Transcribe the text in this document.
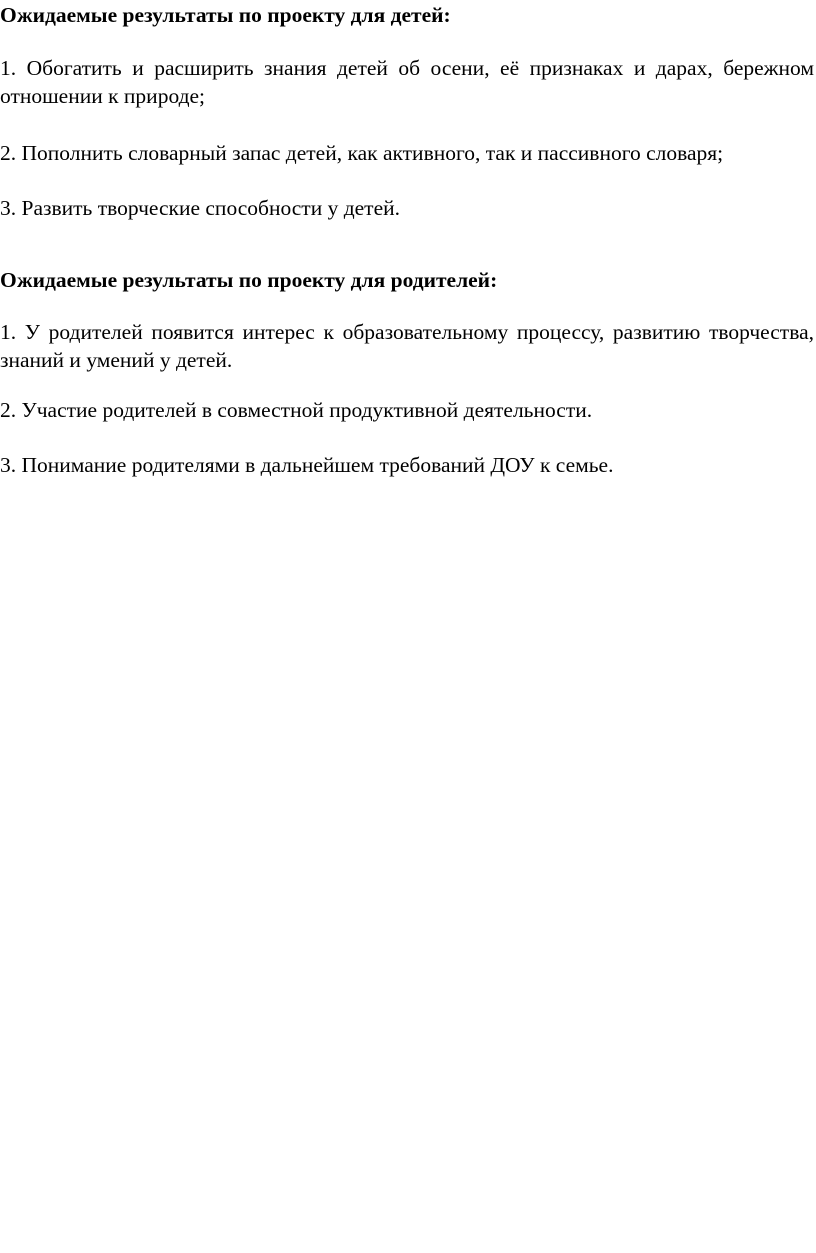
Ожидаемые результаты по проекту для детей:

1. Обогатить и расширить знания детей об осени, её признаках и дарах, бережном отношении к природе;

2. Пополнить словарный запас детей, как активного, так и пассивного словаря;

3. Развить творческие способности у детей.

Ожидаемые результаты по проекту для родителей:

1. У родителей появится интерес к образовательному процессу, развитию творчества, знаний и умений у детей.

2. Участие родителей в совместной продуктивной деятельности.

3. Понимание родителями в дальнейшем требований ДОУ к семье.
